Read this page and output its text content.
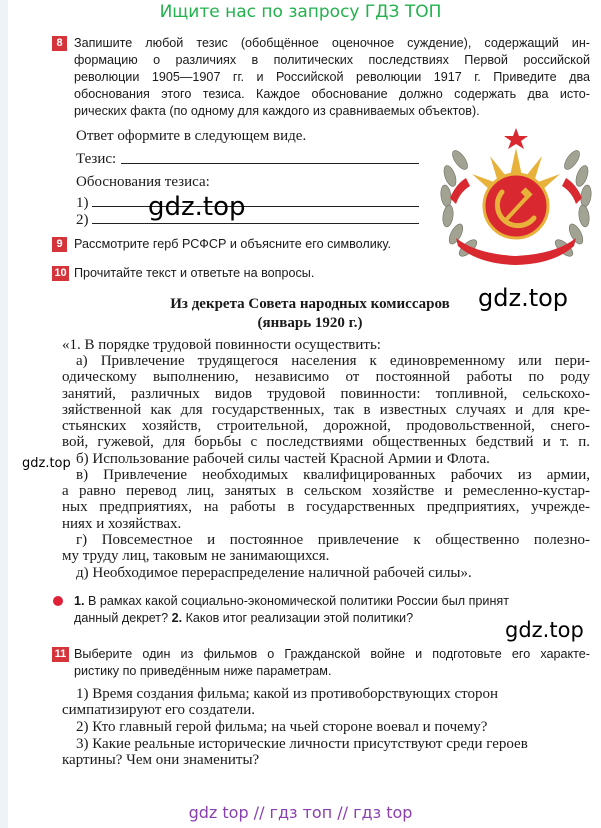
Ищите нас по запросу ГДЗ ТОП
8 Запишите любой тезис (обобщённое оценочное суждение), содержащий ин-
формацию о различиях в политических последствиях Первой российской
революции 1905—1907 гг. и Российской революции 1917 г. Приведите два
обоснования этого тезиса. Каждое обоснование должно содержать два исто-
рических факта (по одному для каждого из сравниваемых объектов).
Ответ оформите в следующем виде.
Тезис:
Обоснования тезиса:
1)
2) gdz.top
9 Рассмотрите герб РСФСР и объясните его символику.
10 Прочитайте текст и ответьте на вопросы.
gdz.top
Из декрета Совета народных комиссаров
(январь 1920 г.)
«1. В порядке трудовой повинности осуществить:
а) Привлечение трудящегося населения к единовременному или пери-
одическому выполнению, независимо от постоянной работы по роду
занятий, различных видов трудовой повинности: топливной, сельскохо-
зяйственной как для государственных, так в известных случаях и для кре-
стьянских хозяйств, строительной, дорожной, продовольственной, снего-
вой, гужевой, для борьбы с последствиями общественных бедствий и т. п.
б) Использование рабочей силы частей Красной Армии и Флота.
в) Привлечение необходимых квалифицированных рабочих из армии,
а равно перевод лиц, занятых в сельском хозяйстве и ремесленно-кустар-
ных предприятиях, на работы в государственных предприятиях, учрежде-
ниях и хозяйствах.
г) Повсеместное и постоянное привлечение к общественно полезно-
му труду лиц, таковым не занимающихся.
д) Необходимое перераспределение наличной рабочей силы».
gdz.top
1. В рамках какой социально-экономической политики России был принят
данный декрет? 2. Каков итог реализации этой политики?	gdz.top
11 Выберите один из фильмов о Гражданской войне и подготовьте его характе-
ристику по приведённым ниже параметрам.
1) Время создания фильма; какой из противоборствующих сторон
симпатизируют его создатели.
2) Кто главный герой фильма; на чьей стороне воевал и почему?
3) Какие реальные исторические личности присутствуют среди героев
картины? Чем они знамениты?
gdz top // гдз топ // гдз top
